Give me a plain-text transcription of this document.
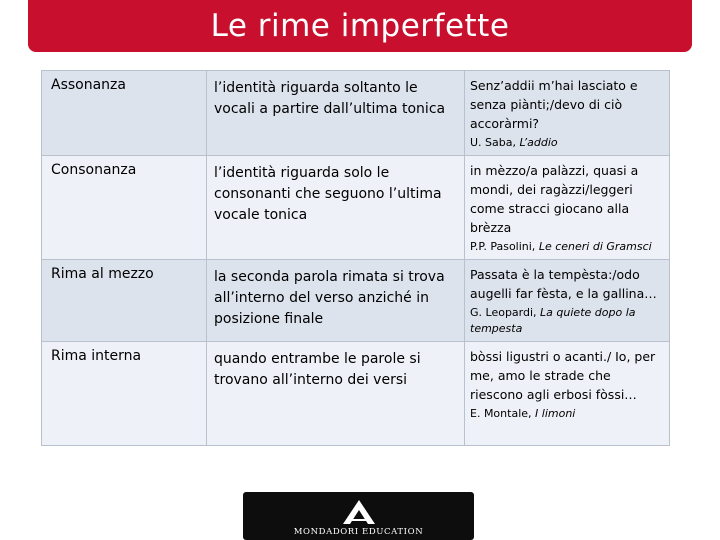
Le rime imperfette
Assonanza	l’identità riguarda soltanto le vocali a partire dall’ultima tonica	Senz’addii m’hai lasciato e senza piànti;/devo di ciò accoràrmi?
U. Saba, L’addio

Consonanza	l’identità riguarda solo le consonanti che seguono l’ultima vocale tonica	in mèzzo/a palàzzi, quasi a mondi, dei ragàzzi/leggeri come stracci giocano alla brèzza
P.P. Pasolini, Le ceneri di Gramsci

Rima al mezzo	la seconda parola rimata si trova all’interno del verso anziché in posizione finale	Passata è la tempèsta:/odo augelli far fèsta, e la gallina…
G. Leopardi, La quiete dopo la tempesta

Rima interna	quando entrambe le parole si trovano all’interno dei versi	bòssi ligustri o acanti./ Io, per me, amo le strade che riescono agli erbosi fòssi…
E. Montale, I limoni
MONDADORI EDUCATION
